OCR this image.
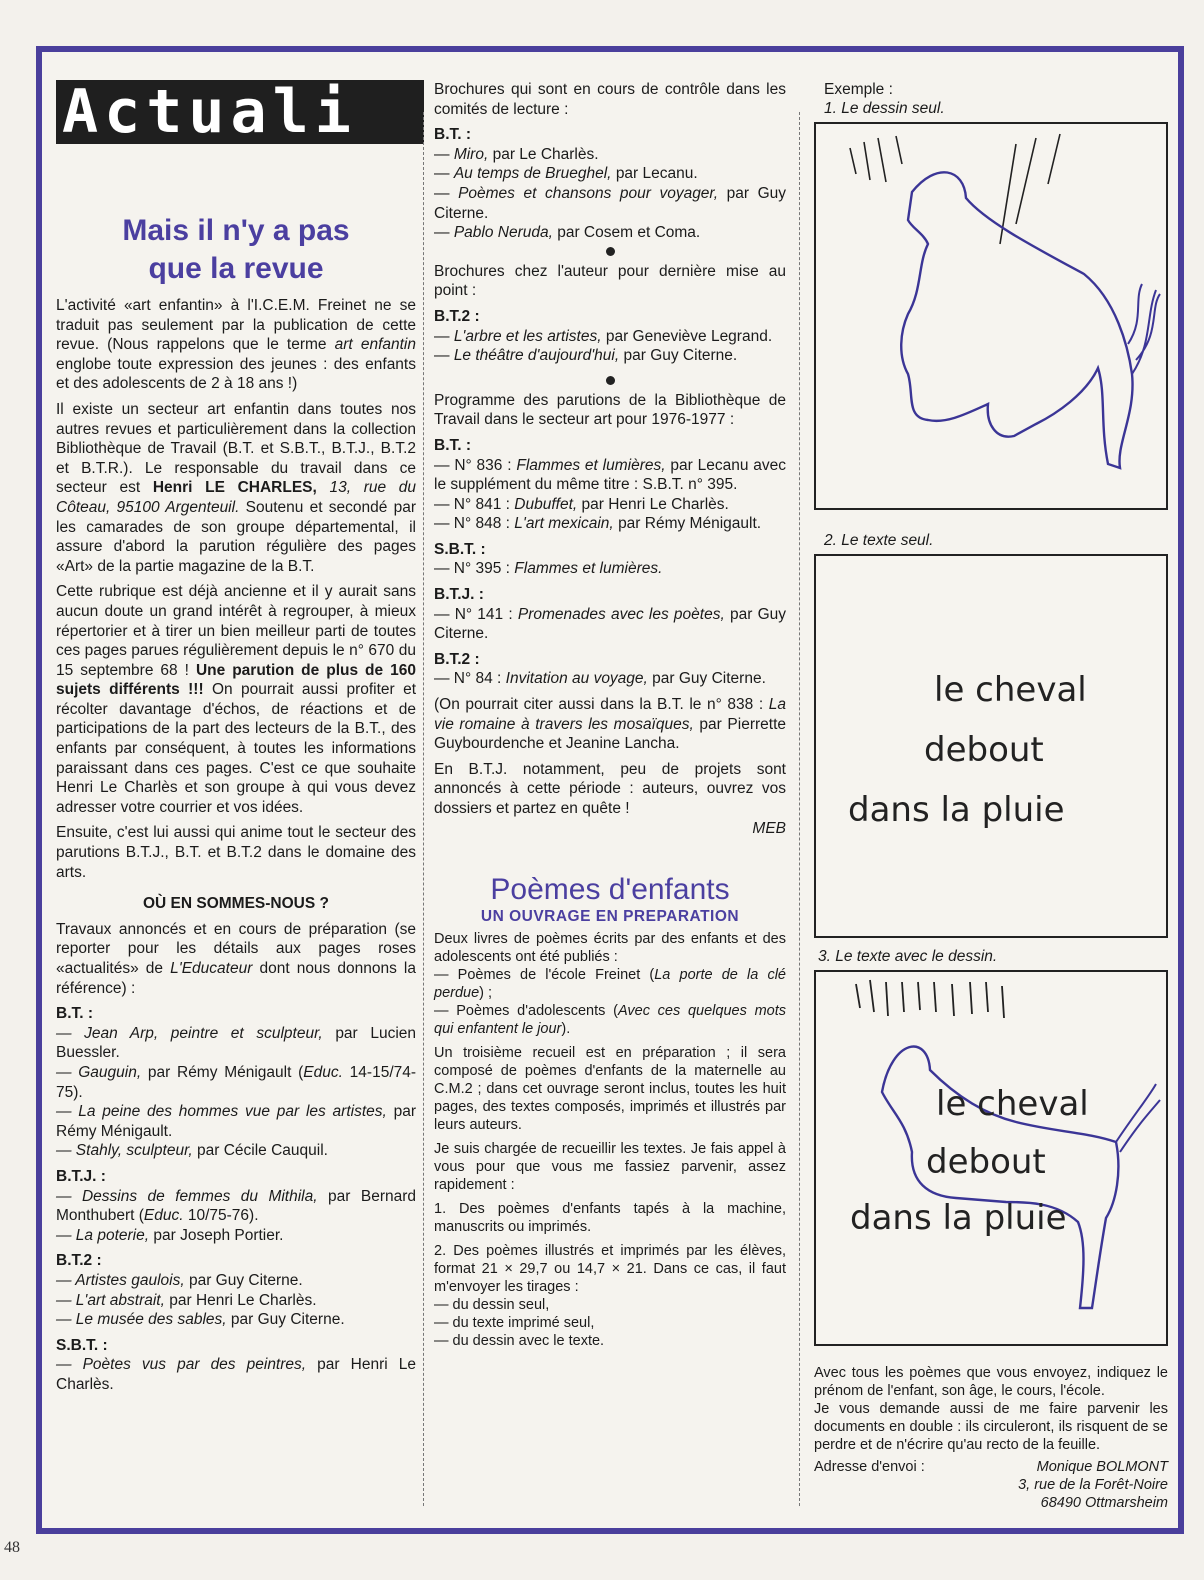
48
Actuali
Mais il n'y a pas
que la revue

L'activité «art enfantin» à l'I.C.E.M. Freinet ne se traduit pas seulement par la publication de cette revue. (Nous rappelons que le terme art enfantin englobe toute expression des jeunes : des enfants et des adolescents de 2 à 18 ans !)

Il existe un secteur art enfantin dans toutes nos autres revues et particulièrement dans la collection Bibliothèque de Travail (B.T. et S.B.T., B.T.J., B.T.2 et B.T.R.). Le responsable du travail dans ce secteur est Henri LE CHARLES, 13, rue du Côteau, 95100 Argenteuil. Soutenu et secondé par les camarades de son groupe départemental, il assure d'abord la parution régulière des pages «Art» de la partie magazine de la B.T.

Cette rubrique est déjà ancienne et il y aurait sans aucun doute un grand intérêt à regrouper, à mieux répertorier et à tirer un bien meilleur parti de toutes ces pages parues régulièrement depuis le n° 670 du 15 septembre 68 ! Une parution de plus de 160 sujets différents !!! On pourrait aussi profiter et récolter davantage d'échos, de réactions et de participations de la part des lecteurs de la B.T., des enfants par conséquent, à toutes les informations paraissant dans ces pages. C'est ce que souhaite Henri Le Charlès et son groupe à qui vous devez adresser votre courrier et vos idées.

Ensuite, c'est lui aussi qui anime tout le secteur des parutions B.T.J., B.T. et B.T.2 dans le domaine des arts.

OÙ EN SOMMES-NOUS ?

Travaux annoncés et en cours de préparation (se reporter pour les détails aux pages roses «actualités» de L'Educateur dont nous donnons la référence) :

B.T. :

— Jean Arp, peintre et sculpteur, par Lucien Buessler.

— Gauguin, par Rémy Ménigault (Educ. 14-15/74-75).

— La peine des hommes vue par les artistes, par Rémy Ménigault.

— Stahly, sculpteur, par Cécile Cauquil.

B.T.J. :

— Dessins de femmes du Mithila, par Bernard Monthubert (Educ. 10/75-76).

— La poterie, par Joseph Portier.

B.T.2 :

— Artistes gaulois, par Guy Citerne.

— L'art abstrait, par Henri Le Charlès.

— Le musée des sables, par Guy Citerne.

S.B.T. :

— Poètes vus par des peintres, par Henri Le Charlès.

Brochures qui sont en cours de contrôle dans les comités de lecture :

B.T. :

— Miro, par Le Charlès.

— Au temps de Brueghel, par Lecanu.

— Poèmes et chansons pour voyager, par Guy Citerne.

— Pablo Neruda, par Cosem et Coma.

Brochures chez l'auteur pour dernière mise au point :

B.T.2 :

— L'arbre et les artistes, par Geneviève Legrand.

— Le théâtre d'aujourd'hui, par Guy Citerne.

Programme des parutions de la Bibliothèque de Travail dans le secteur art pour 1976-1977 :

B.T. :

— N° 836 : Flammes et lumières, par Lecanu avec le supplément du même titre : S.B.T. n° 395.

— N° 841 : Dubuffet, par Henri Le Charlès.

— N° 848 : L'art mexicain, par Rémy Ménigault.

S.B.T. :

— N° 395 : Flammes et lumières.

B.T.J. :

— N° 141 : Promenades avec les poètes, par Guy Citerne.

B.T.2 :

— N° 84 : Invitation au voyage, par Guy Citerne.

(On pourrait citer aussi dans la B.T. le n° 838 : La vie romaine à travers les mosaïques, par Pierrette Guybourdenche et Jeanine Lancha.

En B.T.J. notamment, peu de projets sont annoncés à cette période : auteurs, ouvrez vos dossiers et partez en quête !

MEB

Poèmes d'enfants
UN OUVRAGE EN PREPARATION

Deux livres de poèmes écrits par des enfants et des adolescents ont été publiés :

— Poèmes de l'école Freinet (La porte de la clé perdue) ;

— Poèmes d'adolescents (Avec ces quelques mots qui enfantent le jour).

Un troisième recueil est en préparation ; il sera composé de poèmes d'enfants de la maternelle au C.M.2 ; dans cet ouvrage seront inclus, toutes les huit pages, des textes composés, imprimés et illustrés par leurs auteurs.

Je suis chargée de recueillir les textes. Je fais appel à vous pour que vous me fassiez parvenir, assez rapidement :

1. Des poèmes d'enfants tapés à la machine, manuscrits ou imprimés.

2. Des poèmes illustrés et imprimés par les élèves, format 21 × 29,7 ou 14,7 × 21. Dans ce cas, il faut m'envoyer les tirages :

— du dessin seul,

— du texte imprimé seul,

— du dessin avec le texte.

Exemple :
1. Le dessin seul.
2. Le texte seul.
le cheval
debout
dans la pluie
3. Le texte avec le dessin.
le cheval
debout
dans la pluie

Avec tous les poèmes que vous envoyez, indiquez le prénom de l'enfant, son âge, le cours, l'école.

Je vous demande aussi de me faire parvenir les documents en double : ils circuleront, ils risquent de se perdre et de n'écrire qu'au recto de la feuille.

Adresse d'envoi :	Monique BOLMONT
3, rue de la Forêt-Noire
68490 Ottmarsheim
